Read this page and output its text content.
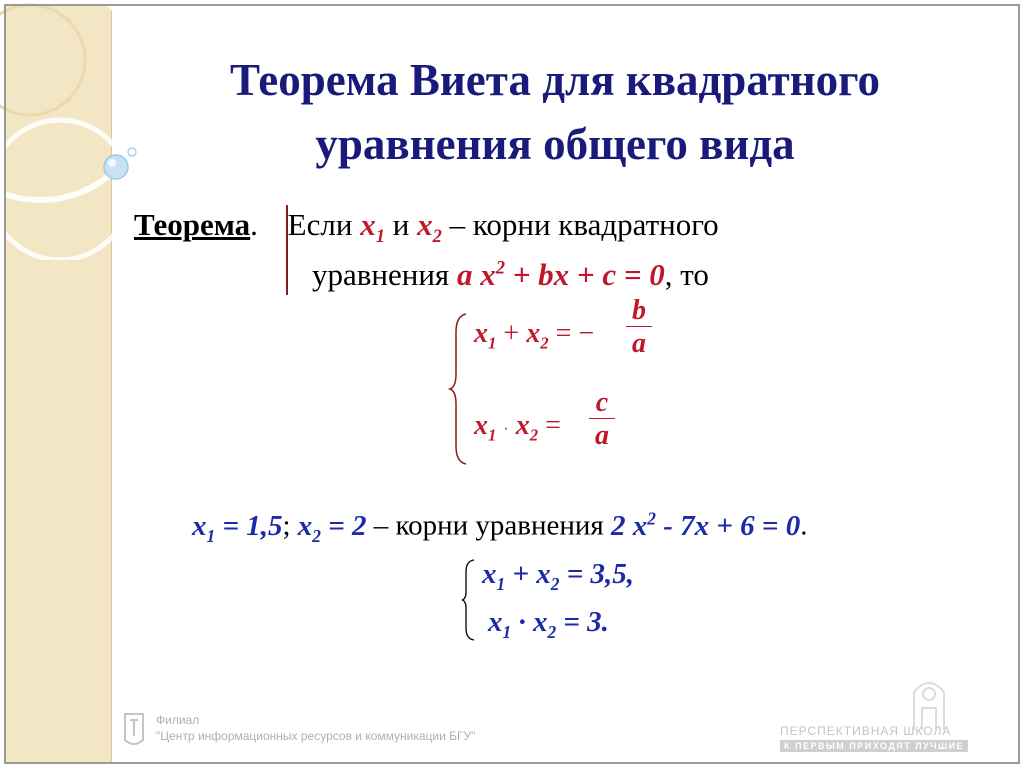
Теорема Виета для квадратного
уравнения общего вида
Теорема. Если $x_1$ и $x_2$ – корни квадратного
уравнения a $x^2$ + bx + c = 0, то
$x_1 + x_2$ = −
b
a
$x_1 \cdot x_2$ =
c
a
$x_1 = 1,5$; $x_2 = 2$ – корни уравнения 2 $x^2 - 7x + 6 = 0$.
$x_1 + x_2 = 3,5$,
$x_1 \cdot x_2 = 3$.
Филиал
"Центр информационных ресурсов и коммуникации БГУ"	ПЕРСПЕКТИВНАЯ ШКОЛА
К ПЕРВЫМ ПРИХОДЯТ ЛУЧШИЕ
